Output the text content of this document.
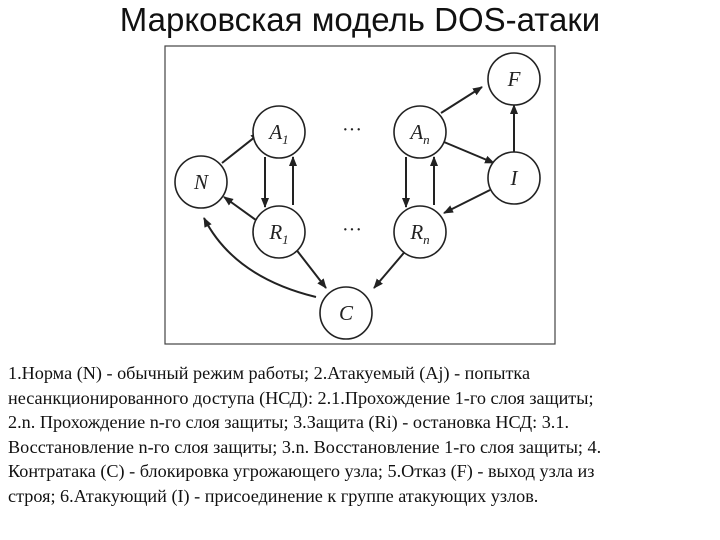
Марковская модель DOS-атаки
···
···
N
$A_1$	$A_n$
F
I
$R_1$	$R_n$
C
1.Норма (N) - обычный режим работы; 2.Атакуемый (Aj) - попытка
несанкционированного доступа (НСД): 2.1.Прохождение 1-го слоя защиты;
2.n. Прохождение n-го слоя защиты; 3.Защита (Ri) - остановка НСД: 3.1.
Восстановление n-го слоя защиты; 3.n. Восстановление 1-го слоя защиты; 4.
Контратака (С) - блокировка угрожающего узла; 5.Отказ (F) - выход узла из
строя; 6.Атакующий (I) - присоединение к группе атакующих узлов.
